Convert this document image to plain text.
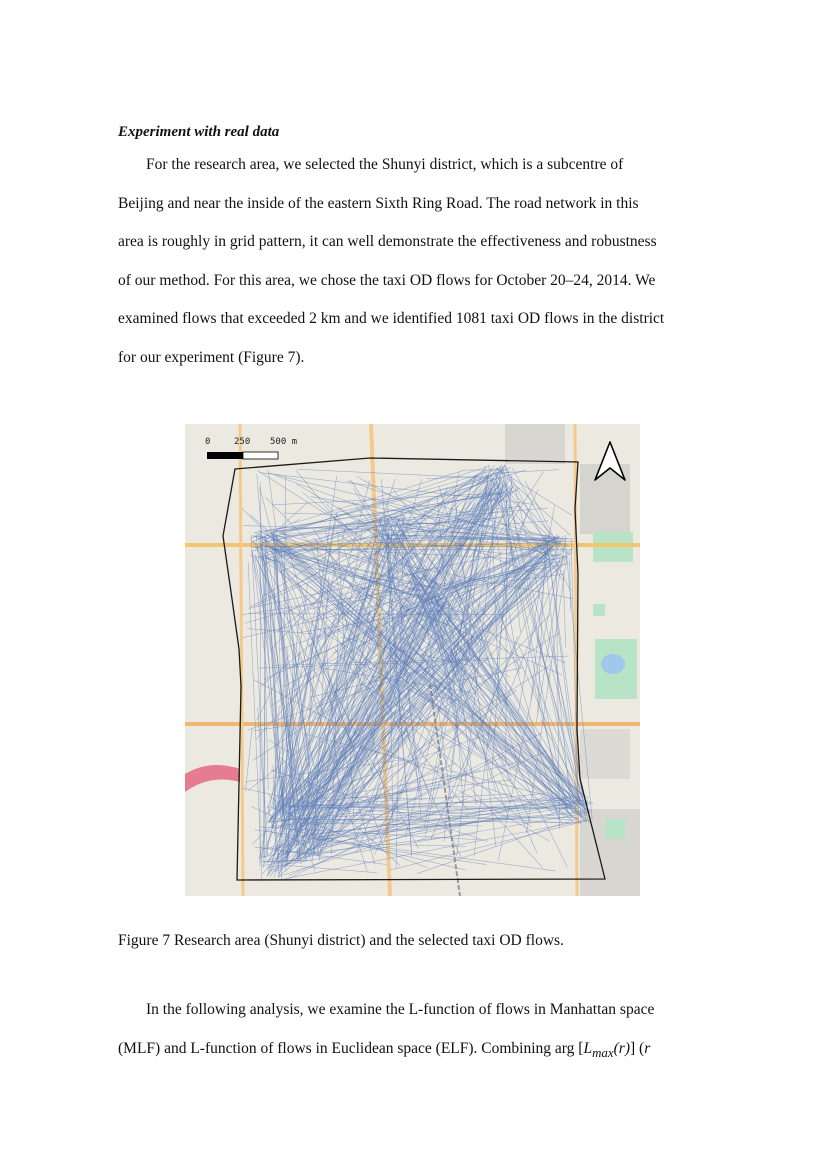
Experiment with real data
For the research area, we selected the Shunyi district, which is a subcentre of
Beijing and near the inside of the eastern Sixth Ring Road. The road network in this
area is roughly in grid pattern, it can well demonstrate the effectiveness and robustness
of our method. For this area, we chose the taxi OD flows for October 20–24, 2014. We
examined flows that exceeded 2 km and we identified 1081 taxi OD flows in the district
for our experiment (Figure 7).
0	250 500 m
Figure 7 Research area (Shunyi district) and the selected taxi OD flows.
In the following analysis, we examine the L-function of flows in Manhattan space
(MLF) and L-function of flows in Euclidean space (ELF). Combining arg $[L_{max}(r)]$ (r
